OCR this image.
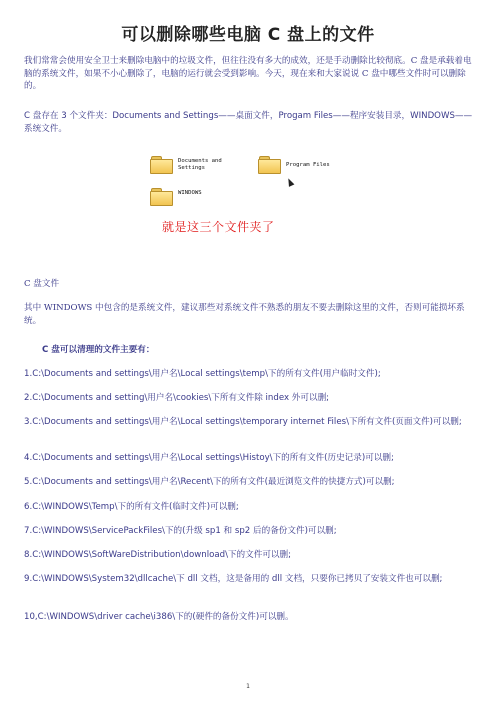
可以删除哪些电脑 C 盘上的文件
我们常常会使用安全卫士来删除电脑中的垃圾文件，但往往没有多大的成效，还是手动删除比较彻底。C 盘是承载着电脑的系统文件，如果不小心删除了，电脑的运行就会受到影响。今天，现在来和大家说说 C 盘中哪些文件时可以删除的。
C 盘存在 3 个文件夹：Documents and Settings——桌面文件，Progam Files——程序安装目录，WINDOWS——系统文件。
Documents and
Settings	Program Files
WINDOWS
就是这三个文件夹了
C 盘文件
其中 WINDOWS 中包含的是系统文件，建议那些对系统文件不熟悉的朋友不要去删除这里的文件，否则可能损坏系统。
C 盘可以清理的文件主要有：
1.C:\Documents and settings\用户名\Local settings\temp\下的所有文件(用户临时文件);
2.C:\Documents and setting\用户名\cookies\下所有文件除 index 外可以删;
3.C:\Documents and settings\用户名\Local settings\temporary internet Files\下所有文件(页面文件)可以删;
4.C:\Documents and settings\用户名\Local settings\Histoy\下的所有文件(历史记录)可以删;
5.C:\Documents and settings\用户名\Recent\下的所有文件(最近浏览文件的快捷方式)可以删;
6.C:\WINDOWS\Temp\下的所有文件(临时文件)可以删;
7.C:\WINDOWS\ServicePackFiles\下的(升级 sp1 和 sp2 后的备份文件)可以删;
8.C:\WINDOWS\SoftWareDistribution\download\下的文件可以删;
9.C:\WINDOWS\System32\dllcache\下 dll 文档，这是备用的 dll 文档，只要你已拷贝了安装文件也可以删;
10,C:\WINDOWS\driver cache\i386\下的(硬件的备份文件)可以删。
1
